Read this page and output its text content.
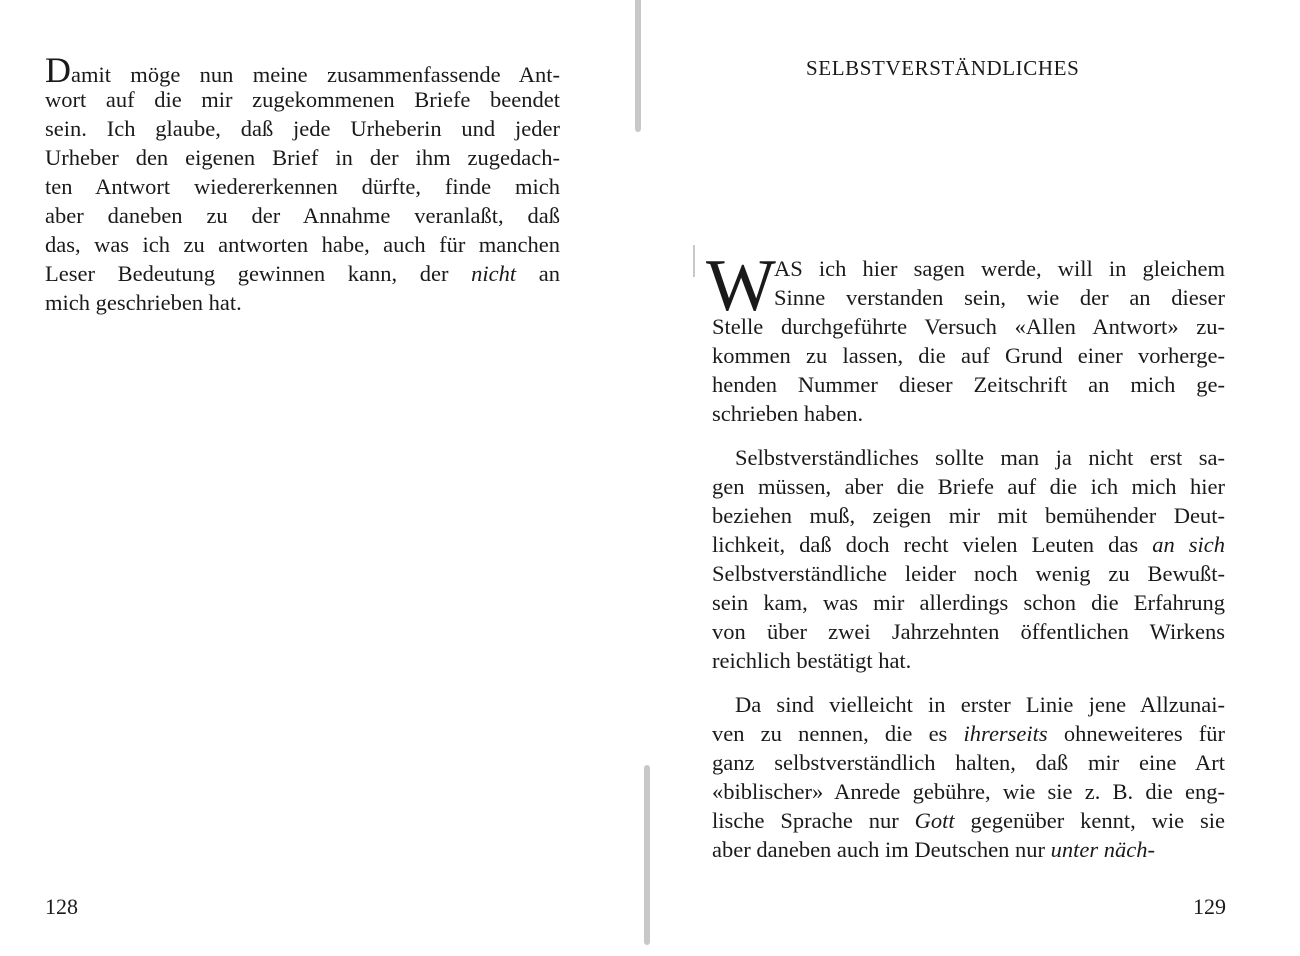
Damit möge nun meine zusammenfassende Ant-
wort auf die mir zugekommenen Briefe beendet
sein. Ich glaube, daß jede Urheberin und jeder
Urheber den eigenen Brief in der ihm zugedach-
ten Antwort wiedererkennen dürfte, finde mich
aber daneben zu der Annahme veranlaßt, daß
das, was ich zu antworten habe, auch für manchen
Leser Bedeutung gewinnen kann, der nicht an
mich geschrieben hat.
SELBSTVERSTÄNDLICHES
W
AS ich hier sagen werde, will in gleichem
Sinne verstanden sein, wie der an dieser
Stelle durchgeführte Versuch «Allen Antwort» zu-
kommen zu lassen, die auf Grund einer vorherge-
henden Nummer dieser Zeitschrift an mich ge-
schrieben haben.
Selbstverständliches sollte man ja nicht erst sa-
gen müssen, aber die Briefe auf die ich mich hier
beziehen muß, zeigen mir mit bemühender Deut-
lichkeit, daß doch recht vielen Leuten das an sich
Selbstverständliche leider noch wenig zu Bewußt-
sein kam, was mir allerdings schon die Erfahrung
von über zwei Jahrzehnten öffentlichen Wirkens
reichlich bestätigt hat.
Da sind vielleicht in erster Linie jene Allzunai-
ven zu nennen, die es ihrerseits ohneweiteres für
ganz selbstverständlich halten, daß mir eine Art
«biblischer» Anrede gebühre, wie sie z. B. die eng-
lische Sprache nur Gott gegenüber kennt, wie sie
aber daneben auch im Deutschen nur unter näch-
128	129
